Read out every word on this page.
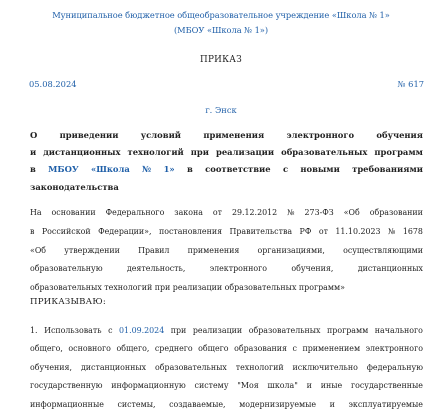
Муниципальное бюджетное общеобразовательное учреждение «Школа № 1»
(МБОУ «Школа № 1»)
ПРИКАЗ
05.08.2024	№ 617
г. Энск
О	приведении	условий	применения	электронного	обучения
и дистанционных технологий при реализации образовательных программ
в МБОУ «Школа № 1» в соответствие с новыми требованиями
законодательства
На основании Федерального закона от 29.12.2012 № 273-ФЗ «Об образовании
в Российской Федерации», постановления Правительства РФ от 11.10.2023 № 1678
«Об утверждении Правил применения организациями, осуществляющими
образовательную	деятельность,	электронного	обучения,	дистанционных
образовательных технологий при реализации образовательных программ»
ПРИКАЗЫВАЮ:
1. Использовать с 01.09.2024 при реализации образовательных программ начального
общего, основного общего, среднего общего образования с применением электронного
обучения, дистанционных образовательных технологий исключительно федеральную
государственную информационную систему "Моя школа" и иные государственные
информационные системы, создаваемые, модернизируемые и эксплуатируемые
